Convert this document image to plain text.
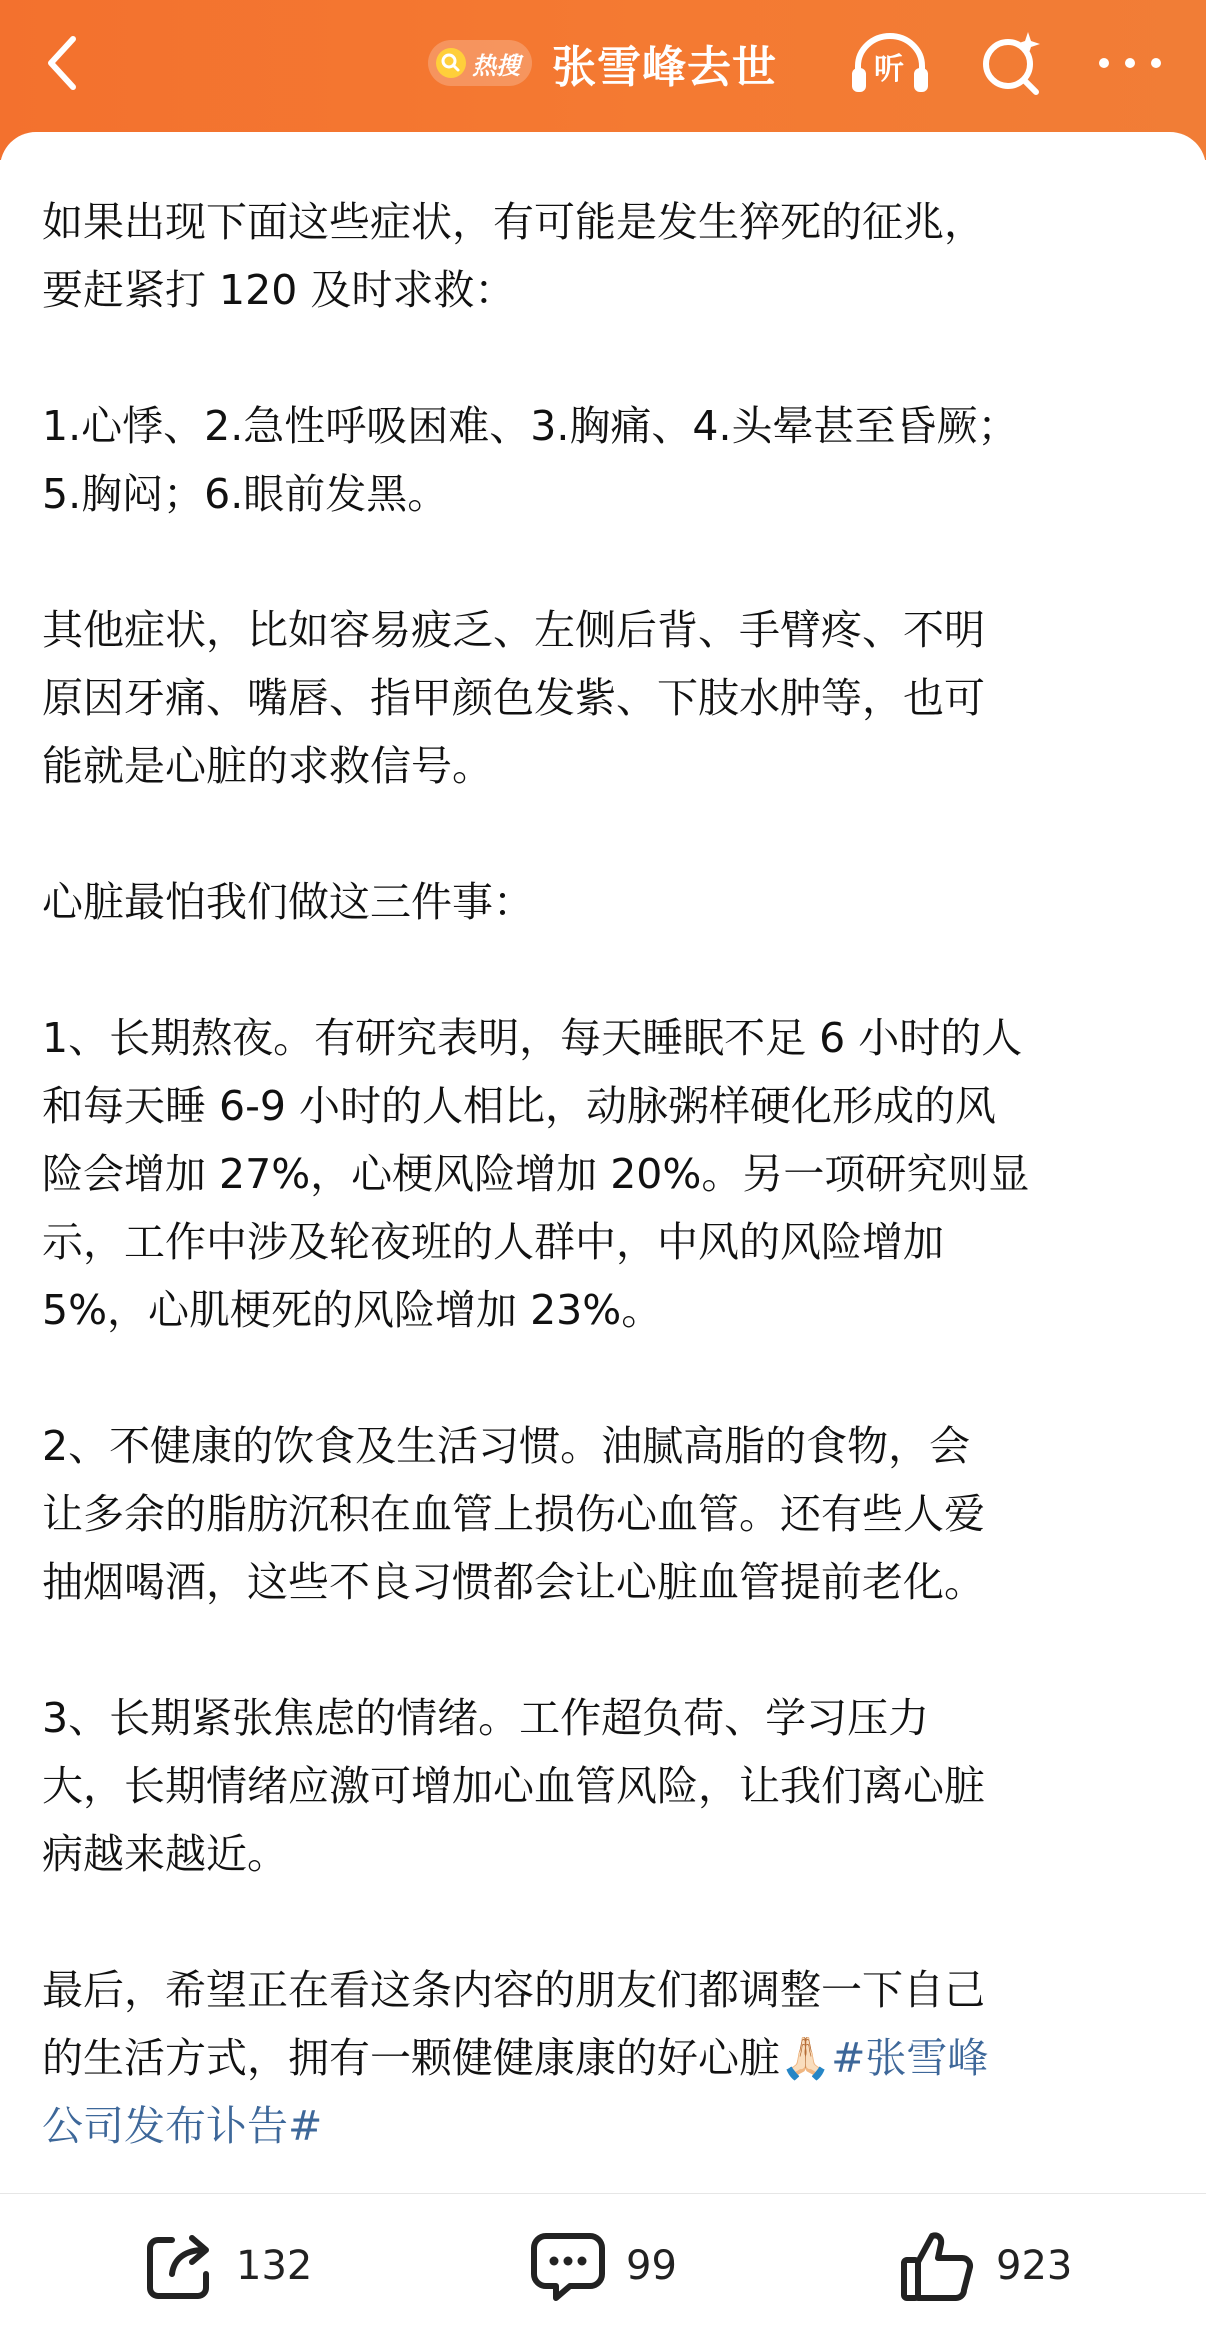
热搜 张雪峰去世	听

如果出现下面这些症状，有可能是发生猝死的征兆，
要赶紧打 120 及时求救：

1.心悸、2.急性呼吸困难、3.胸痛、4.头晕甚至昏厥；
5.胸闷；6.眼前发黑。

其他症状，比如容易疲乏、左侧后背、手臂疼、不明
原因牙痛、嘴唇、指甲颜色发紫、下肢水肿等，也可
能就是心脏的求救信号。

心脏最怕我们做这三件事：

1、长期熬夜。有研究表明，每天睡眠不足 6 小时的人
和每天睡 6-9 小时的人相比，动脉粥样硬化形成的风
险会增加 27%，心梗风险增加 20%。另一项研究则显
示，工作中涉及轮夜班的人群中，中风的风险增加
5%，心肌梗死的风险增加 23%。

2、不健康的饮食及生活习惯。油腻高脂的食物，会
让多余的脂肪沉积在血管上损伤心血管。还有些人爱
抽烟喝酒，这些不良习惯都会让心脏血管提前老化。

3、长期紧张焦虑的情绪。工作超负荷、学习压力
大，长期情绪应激可增加心血管风险，让我们离心脏
病越来越近。

最后，希望正在看这条内容的朋友们都调整一下自己
的生活方式，拥有一颗健健康康的好心脏🙏🏻#张雪峰
公司发布讣告#

132	99	923
